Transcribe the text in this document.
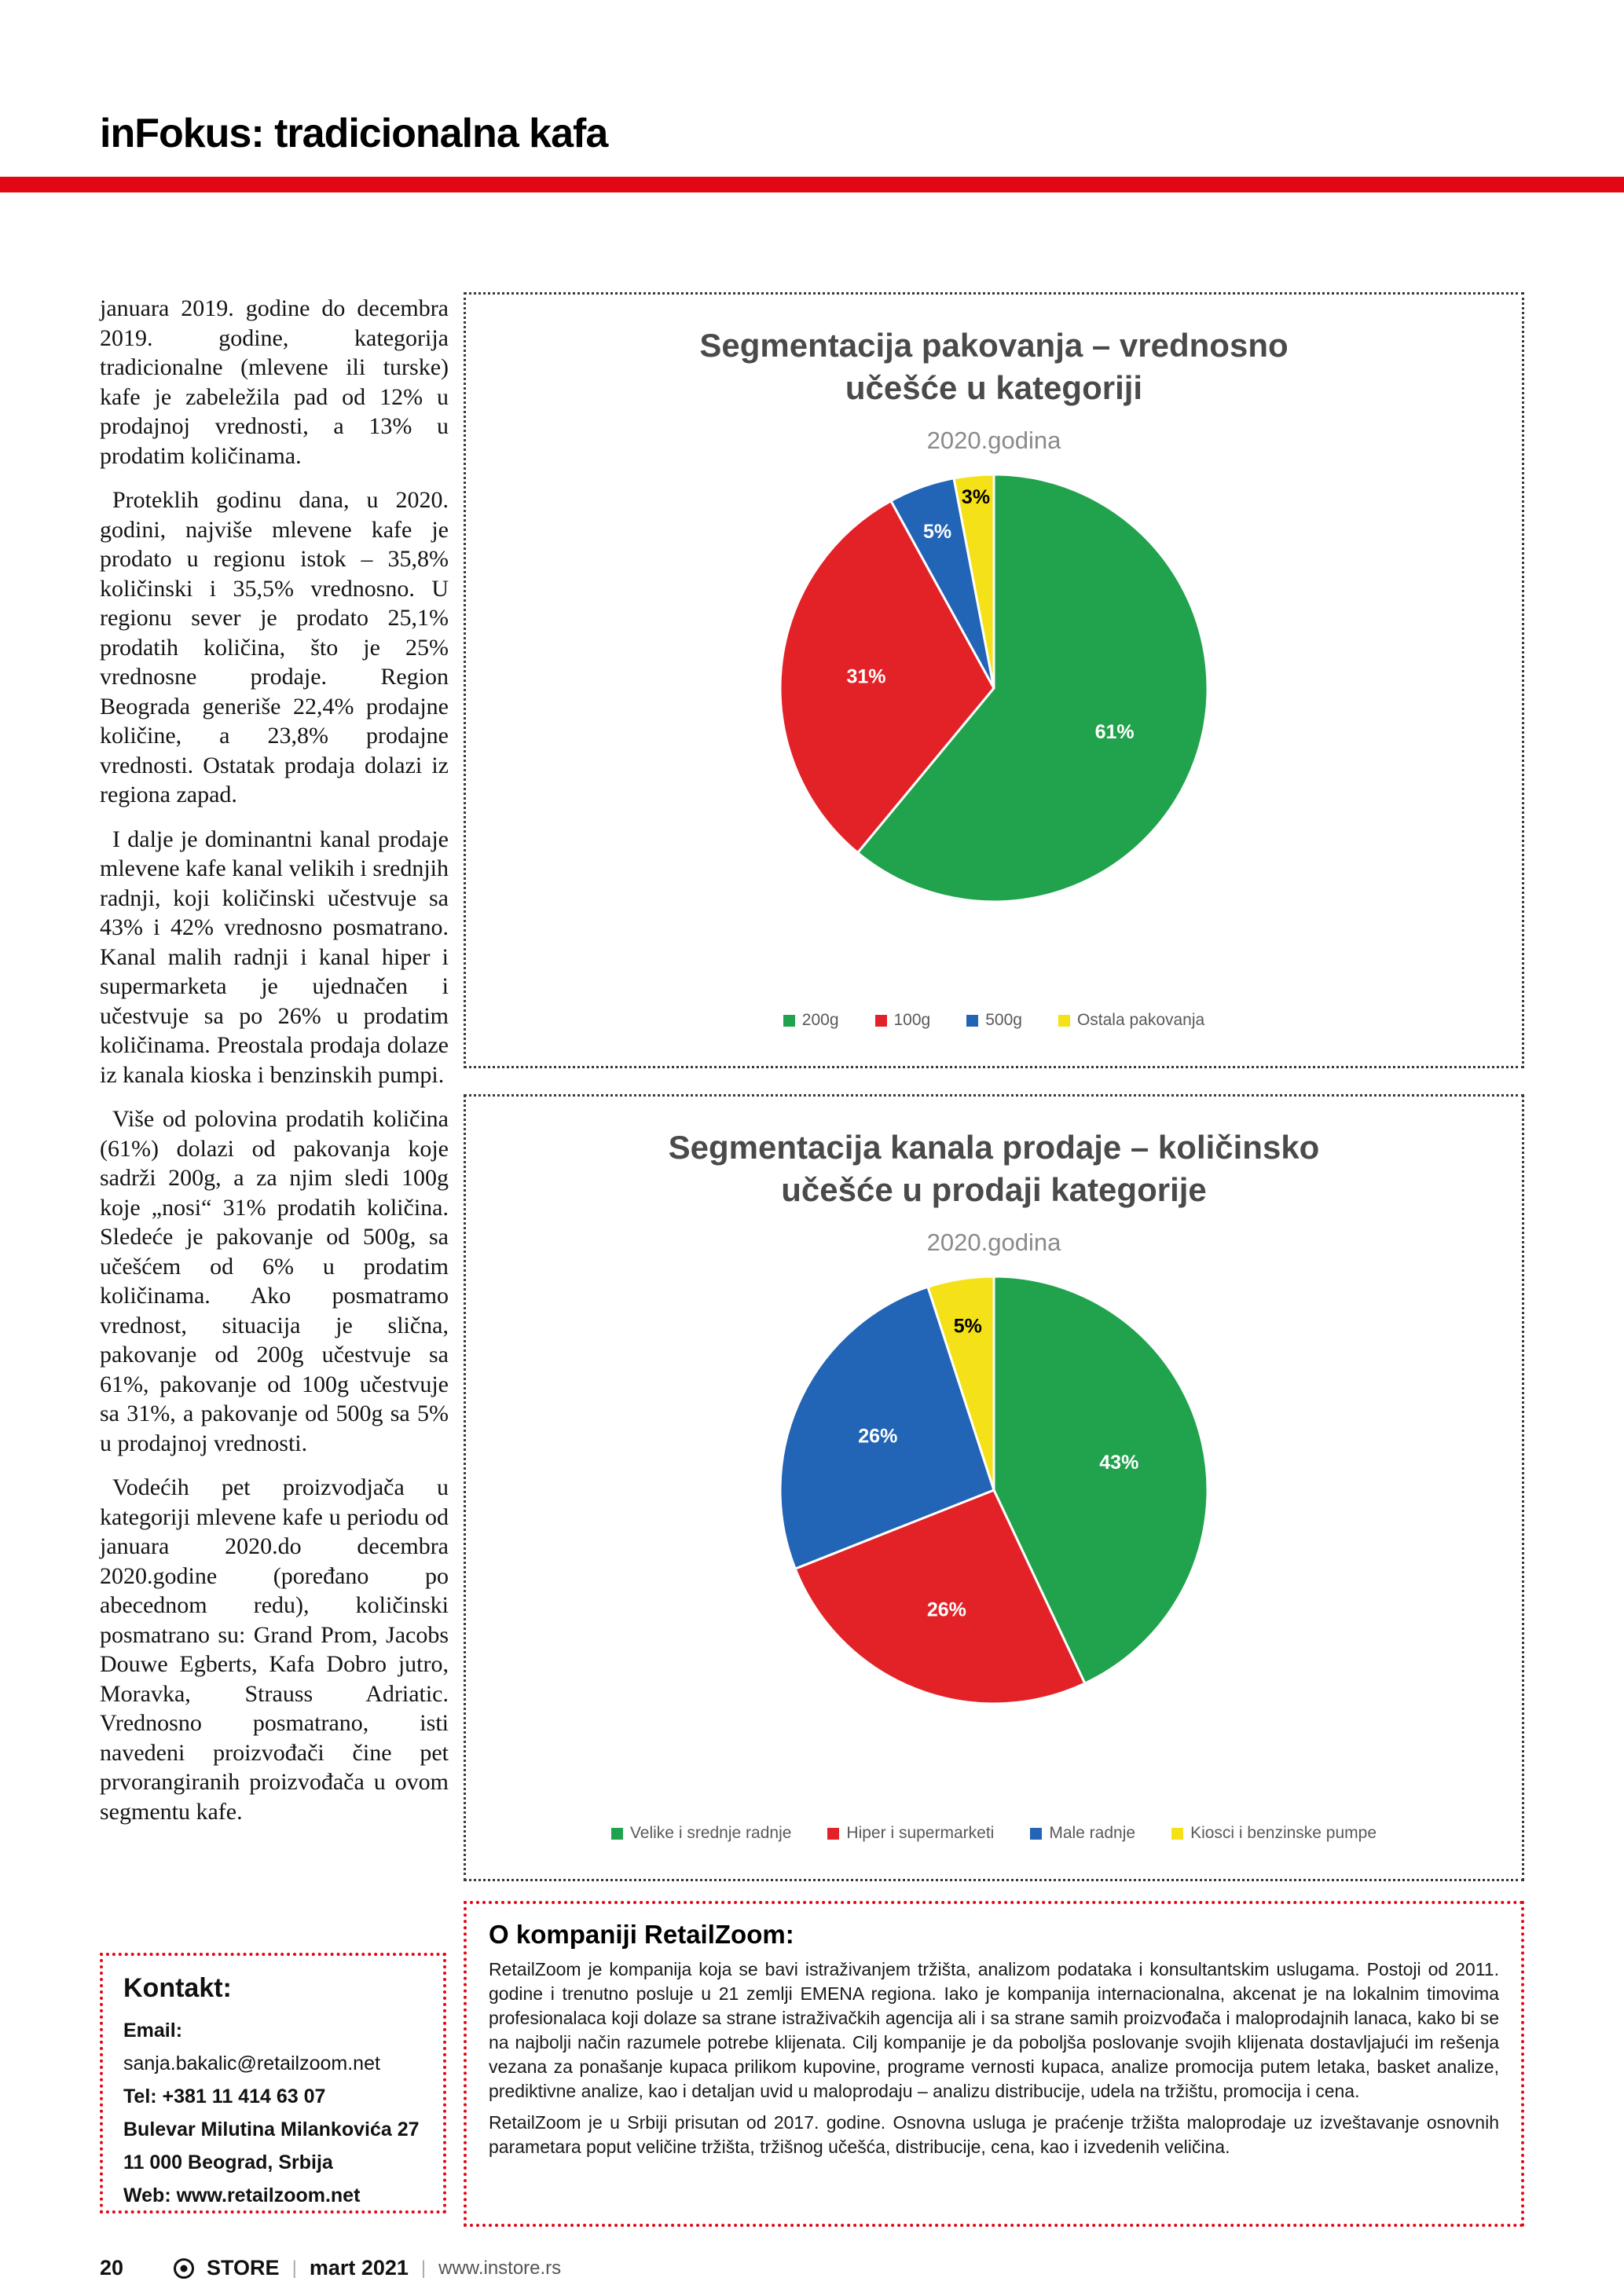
inFokus: tradicionalna kafa

januara 2019. godine do decembra 2019. godine, kategorija tradicionalne (mlevene ili turske) kafe je zabeležila pad od 12% u prodajnoj vrednosti, a 13% u prodatim količinama.

Proteklih godinu dana, u 2020. godini, najviše mlevene kafe je prodato u regionu istok – 35,8% količinski i 35,5% vrednosno. U regionu sever je prodato 25,1% prodatih količina, što je 25% vrednosne prodaje. Region Beograda generiše 22,4% prodajne količine, a 23,8% prodajne vrednosti. Ostatak prodaja dolazi iz regiona zapad.

I dalje je dominantni kanal prodaje mlevene kafe kanal velikih i srednjih radnji, koji količinski učestvuje sa 43% i 42% vrednosno posmatrano. Kanal malih radnji i kanal hiper i supermarketa je ujednačen i učestvuje sa po 26% u prodatim količinama. Preostala prodaja dolaze iz kanala kioska i benzinskih pumpi.

Više od polovina prodatih količina (61%) dolazi od pakovanja koje sadrži 200g, a za njim sledi 100g koje „nosi“ 31% prodatih količina. Sledeće je pakovanje od 500g, sa učešćem od 6% u prodatim količinama. Ako posmatramo vrednost, situacija je slična, pakovanje od 200g učestvuje sa 61%, pakovanje od 100g učestvuje sa 31%, a pakovanje od 500g sa 5% u prodajnoj vrednosti.

Vodećih pet proizvodjača u kategoriji mlevene kafe u periodu od januara 2020.do decembra 2020.godine (poređano po abecednom redu), količinski posmatrano su: Grand Prom, Jacobs Douwe Egberts, Kafa Dobro jutro, Moravka, Strauss Adriatic. Vrednosno posmatrano, isti navedeni proizvođači čine pet prvorangiranih proizvođača u ovom segmentu kafe.

Segmentacija pakovanja – vrednosno učešće u kategoriji
2020.godina
61%
31%
5%
3%
200g	100g	500g	Ostala pakovanja
Segmentacija kanala prodaje – količinsko učešće u prodaji kategorije
2020.godina
43%
26%
26%
5%
Velike i srednje radnje	Hiper i supermarketi	Male radnje	Kiosci i benzinske pumpe
Kontakt:
Email:
sanja.bakalic@retailzoom.net
Tel: +381 11 414 63 07
Bulevar Milutina Milankovića 27
11 000 Beograd, Srbija
Web: www.retailzoom.net
O kompaniji RetailZoom:

RetailZoom je kompanija koja se bavi istraživanjem tržišta, analizom podataka i konsultantskim uslugama. Postoji od 2011. godine i trenutno posluje u 21 zemlji EMENA regiona. Iako je kompanija internacionalna, akcenat je na lokalnim timovima profesionalaca koji dolaze sa strane istraživačkih agencija ali i sa strane samih proizvođača i maloprodajnih lanaca, kako bi se na najbolji način razumele potrebe klijenata. Cilj kompanije je da poboljša poslovanje svojih klijenata dostavljajući im rešenja vezana za ponašanje kupaca prilikom kupovine, programe vernosti kupaca, analize promocija putem letaka, basket analize, prediktivne analize, kao i detaljan uvid u maloprodaju – analizu distribucije, udela na tržištu, promocija i cena.

RetailZoom je u Srbiji prisutan od 2017. godine. Osnovna usluga je praćenje tržišta maloprodaje uz izveštavanje osnovnih parametara poput veličine tržišta, tržišnog učešća, distribucije, cena, kao i izvedenih veličina.

20	STORE | mart 2021 | www.instore.rs
